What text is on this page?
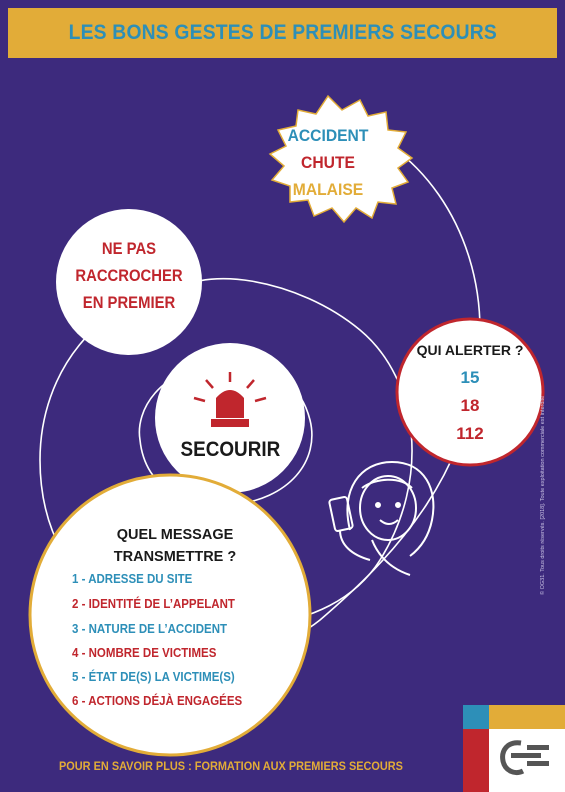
LES BONS GESTES DE PREMIERS SECOURS
ACCIDENT
CHUTE
MALAISE
NE PAS
RACCROCHER
EN PREMIER
SECOURIR
QUI ALERTER ?
15
18
112
QUEL MESSAGE
TRANSMETTRE ?
1 - ADRESSE DU SITE
2 - IDENTITÉ DE L’APPELANT
3 - NATURE DE L’ACCIDENT
4 - NOMBRE DE VICTIMES
5 - ÉTAT DE(S) LA VICTIME(S)
6 - ACTIONS DÉJÀ ENGAGÉES
© OG31. Tous droits réservés. [2018]. Toute exploitation commerciale est interdite
POUR EN SAVOIR PLUS : FORMATION AUX PREMIERS SECOURS
